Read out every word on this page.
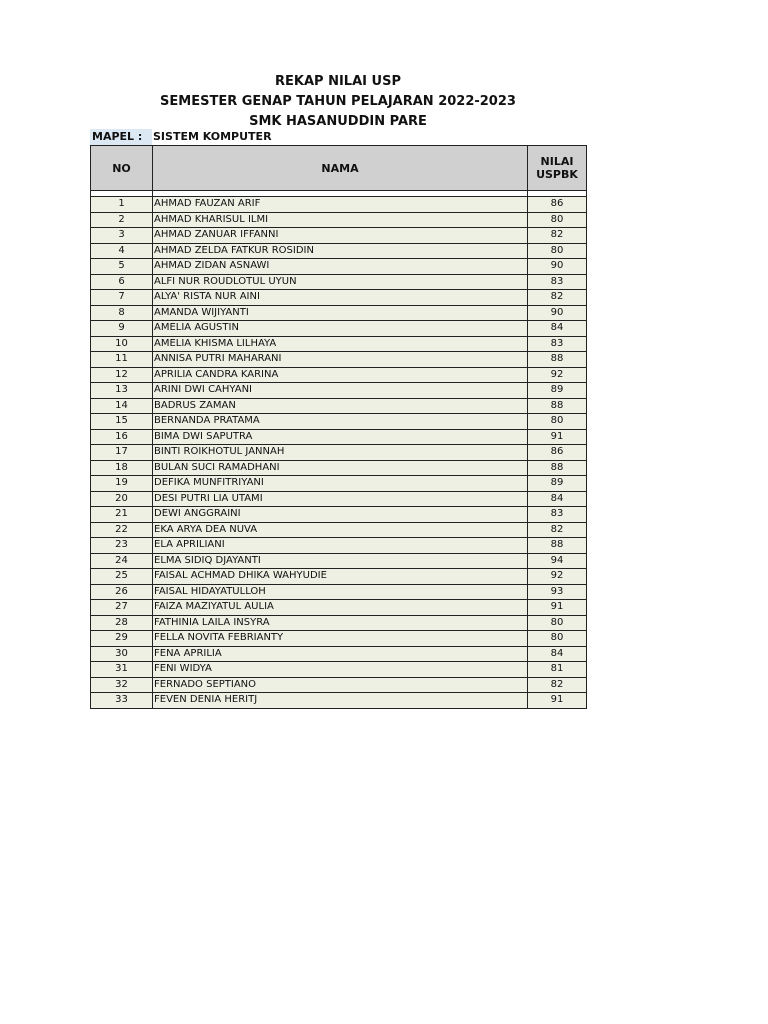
REKAP NILAI USP
SEMESTER GENAP TAHUN PELAJARAN 2022-2023
SMK HASANUDDIN PARE
MAPEL : SISTEM KOMPUTER
NO	NAMA	NILAI
USPBK

1	AHMAD FAUZAN ARIF	86
2	AHMAD KHARISUL ILMI	80
3	AHMAD ZANUAR IFFANNI	82
4	AHMAD ZELDA FATKUR ROSIDIN	80
5	AHMAD ZIDAN ASNAWI	90
6	ALFI NUR ROUDLOTUL UYUN	83
7	ALYA' RISTA NUR AINI	82
8	AMANDA WIJIYANTI	90
9	AMELIA AGUSTIN	84
10	AMELIA KHISMA LILHAYA	83
11	ANNISA PUTRI MAHARANI	88
12	APRILIA CANDRA KARINA	92
13	ARINI DWI CAHYANI	89
14	BADRUS ZAMAN	88
15	BERNANDA PRATAMA	80
16	BIMA DWI SAPUTRA	91
17	BINTI ROIKHOTUL JANNAH	86
18	BULAN SUCI RAMADHANI	88
19	DEFIKA MUNFITRIYANI	89
20	DESI PUTRI LIA UTAMI	84
21	DEWI ANGGRAINI	83
22	EKA ARYA DEA NUVA	82
23	ELA APRILIANI	88
24	ELMA SIDIQ DJAYANTI	94
25	FAISAL ACHMAD DHIKA WAHYUDIE	92
26	FAISAL HIDAYATULLOH	93
27	FAIZA MAZIYATUL AULIA	91
28	FATHINIA LAILA INSYRA	80
29	FELLA NOVITA FEBRIANTY	80
30	FENA APRILIA	84
31	FENI WIDYA	81
32	FERNADO SEPTIANO	82
33	FEVEN DENIA HERITJ	91
